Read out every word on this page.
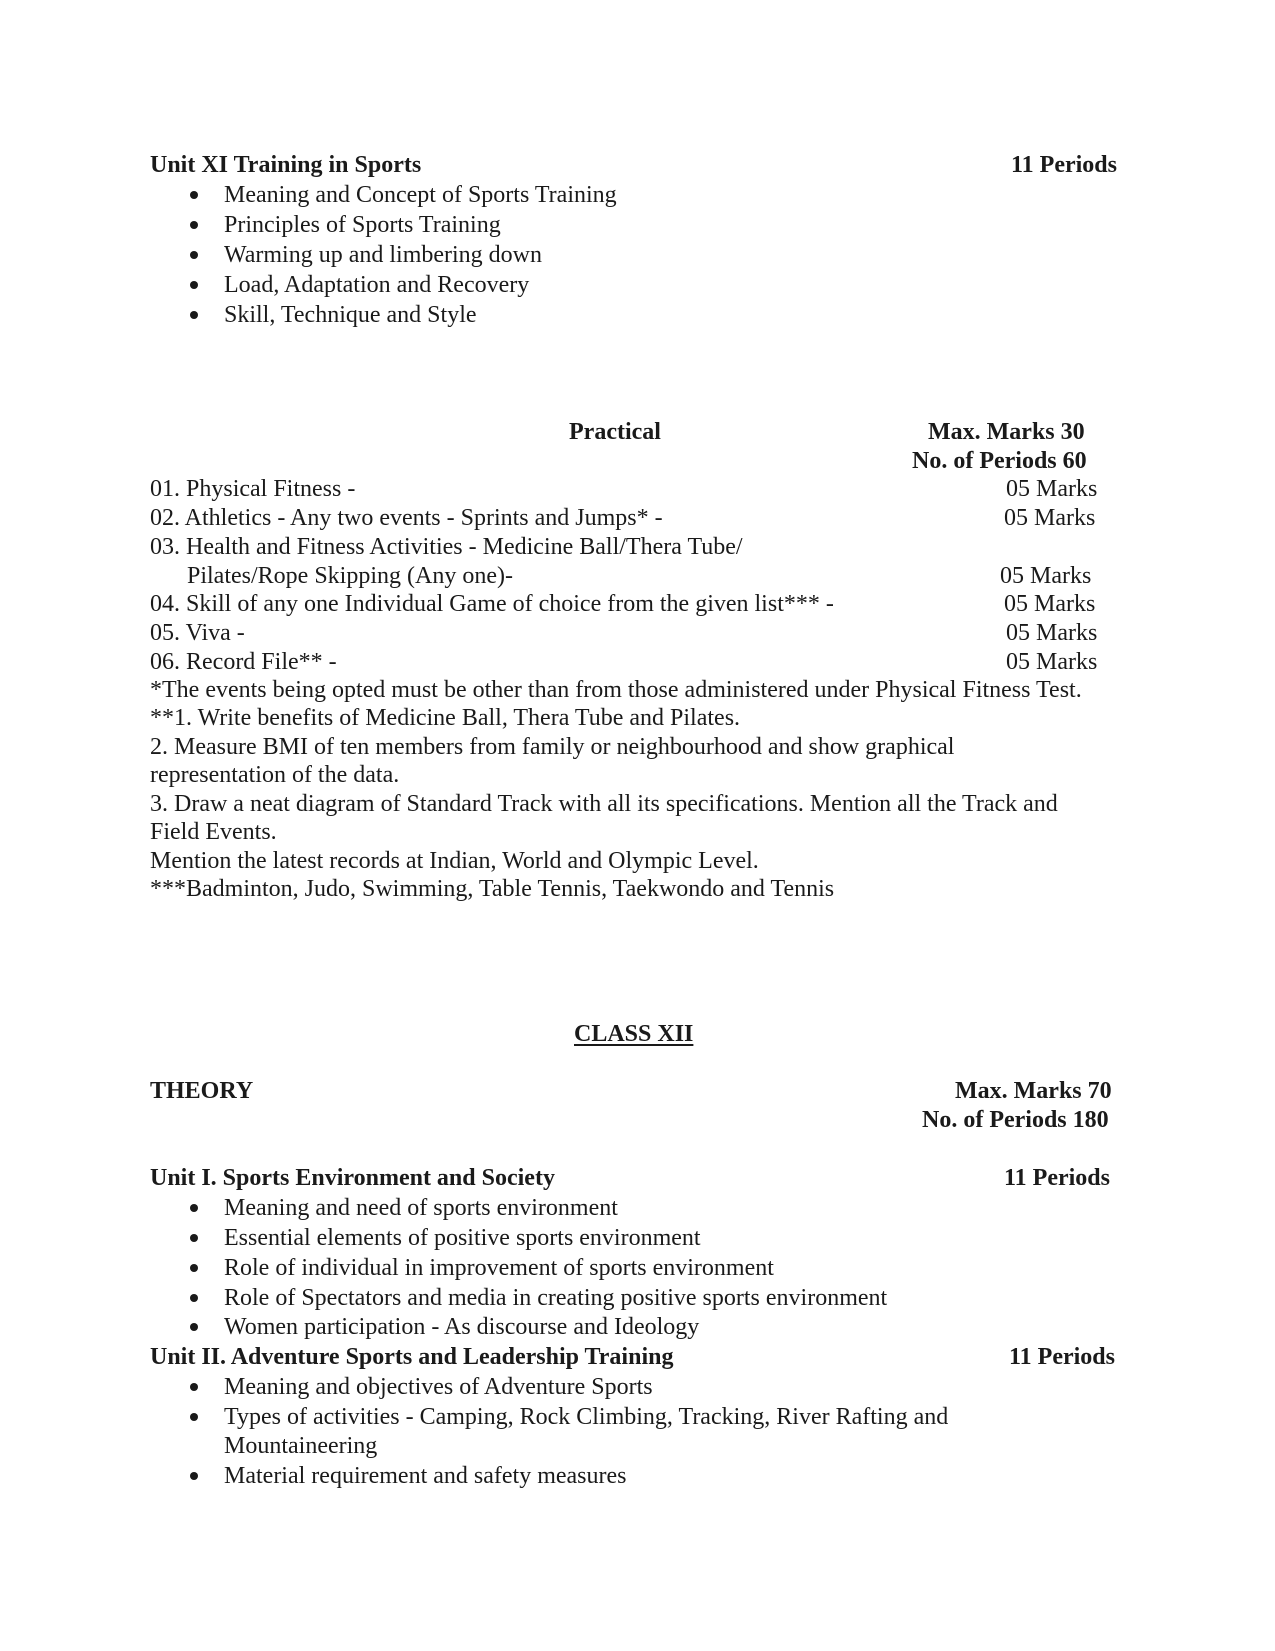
Unit XI Training in Sports	11 Periods
Meaning and Concept of Sports Training
Principles of Sports Training
Warming up and limbering down
Load, Adaptation and Recovery
Skill, Technique and Style
Practical	Max. Marks 30
No. of Periods 60
01. Physical Fitness -	05 Marks
02. Athletics - Any two events - Sprints and Jumps* -	05 Marks
03. Health and Fitness Activities - Medicine Ball/Thera Tube/
Pilates/Rope Skipping (Any one)-	05 Marks
04. Skill of any one Individual Game of choice from the given list*** -	05 Marks
05. Viva -	05 Marks
06. Record File** -	05 Marks
*The events being opted must be other than from those administered under Physical Fitness Test.
**1. Write benefits of Medicine Ball, Thera Tube and Pilates.
2. Measure BMI of ten members from family or neighbourhood and show graphical
representation of the data.
3. Draw a neat diagram of Standard Track with all its specifications. Mention all the Track and
Field Events.
Mention the latest records at Indian, World and Olympic Level.
***Badminton, Judo, Swimming, Table Tennis, Taekwondo and Tennis
CLASS XII
THEORY	Max. Marks 70
No. of Periods 180
Unit I. Sports Environment and Society	11 Periods
Meaning and need of sports environment
Essential elements of positive sports environment
Role of individual in improvement of sports environment
Role of Spectators and media in creating positive sports environment
Women participation - As discourse and Ideology
Unit II. Adventure Sports and Leadership Training	11 Periods
Meaning and objectives of Adventure Sports
Types of activities - Camping, Rock Climbing, Tracking, River Rafting and
Mountaineering
Material requirement and safety measures
